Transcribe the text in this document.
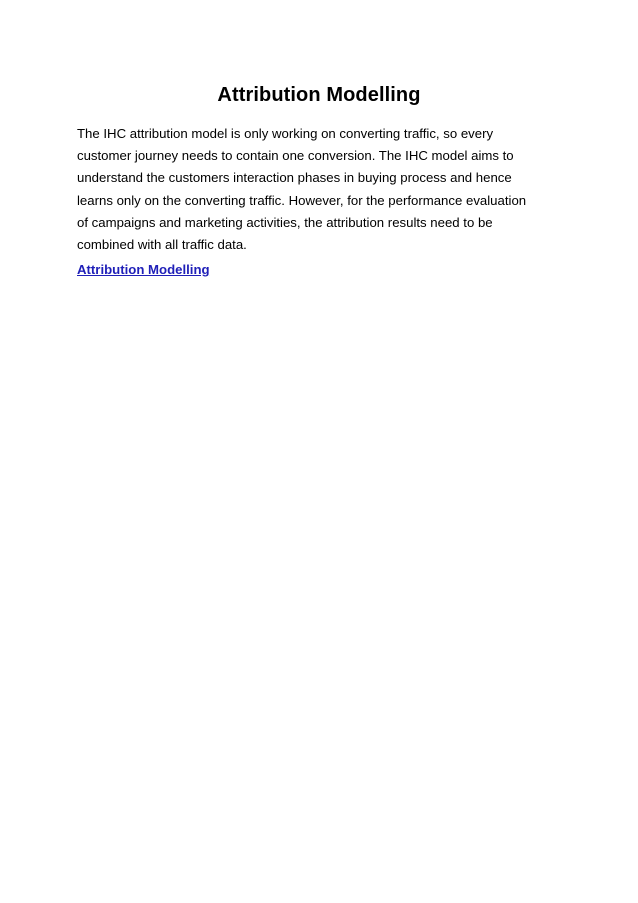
Attribution Modelling

The IHC attribution model is only working on converting traffic, so every
customer journey needs to contain one conversion. The IHC model aims to
understand the customers interaction phases in buying process and hence
learns only on the converting traffic. However, for the performance evaluation
of campaigns and marketing activities, the attribution results need to be
combined with all traffic data.

Attribution Modelling
